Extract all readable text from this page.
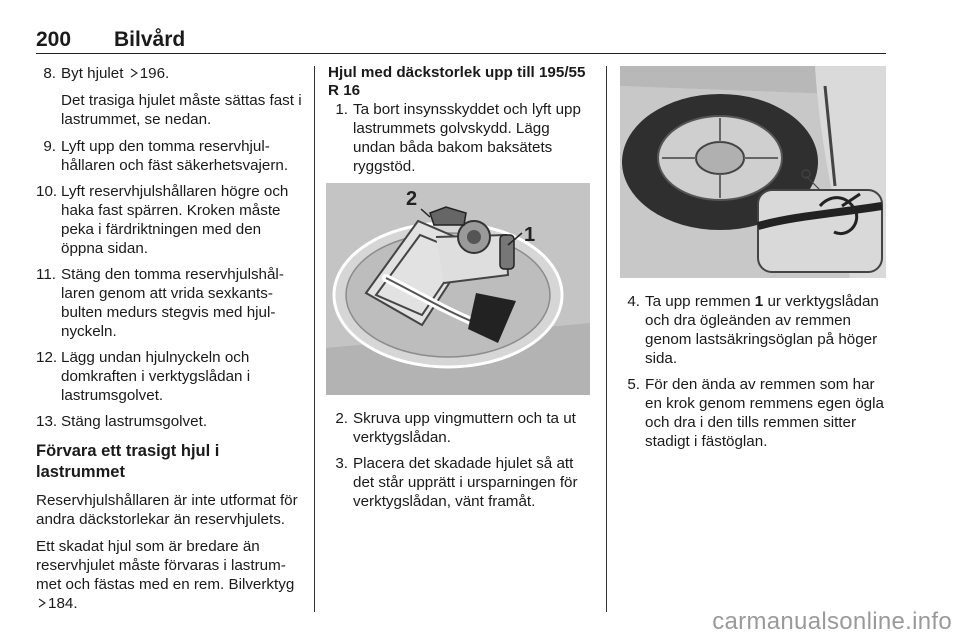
200 Bilvård
8. Byt hjulet 196.
Det trasiga hjulet måste sättas fast i lastrummet, se nedan.
9. Lyft upp den tomma reservhjulhållaren och fäst säkerhetsvajern.
10. Lyft reservhjulshållaren högre och haka fast spärren. Kroken måste peka i färdriktningen med den öppna sidan.
11. Stäng den tomma reservhjulshållaren genom att vrida sexkantsbulten medurs stegvis med hjulnyckeln.
12. Lägg undan hjulnyckeln och domkraften i verktygslådan i lastrumsgolvet.
13. Stäng lastrumsgolvet.
Förvara ett trasigt hjul i lastrummet

Reservhjulshållaren är inte utformat för andra däckstorlekar än reservhjulets.

Ett skadat hjul som är bredare än reservhjulet måste förvaras i lastrummet och fästas med en rem. Bilverktyg 184.

Hjul med däckstorlek upp till 195/55 R 16
1. Ta bort insynsskyddet och lyft upp lastrummets golvskydd. Lägg undan båda bakom baksätets ryggstöd.
2
1
2. Skruva upp vingmuttern och ta ut verktygslådan.
3. Placera det skadade hjulet så att det står upprätt i ursparningen för verktygslådan, vänt framåt.
4. Ta upp remmen 1 ur verktygslådan och dra ögleänden av remmen genom lastsäkringsöglan på höger sida.
5. För den ända av remmen som har en krok genom remmens egen ögla och dra i den tills remmen sitter stadigt i fästöglan.
carmanualsonline.info
